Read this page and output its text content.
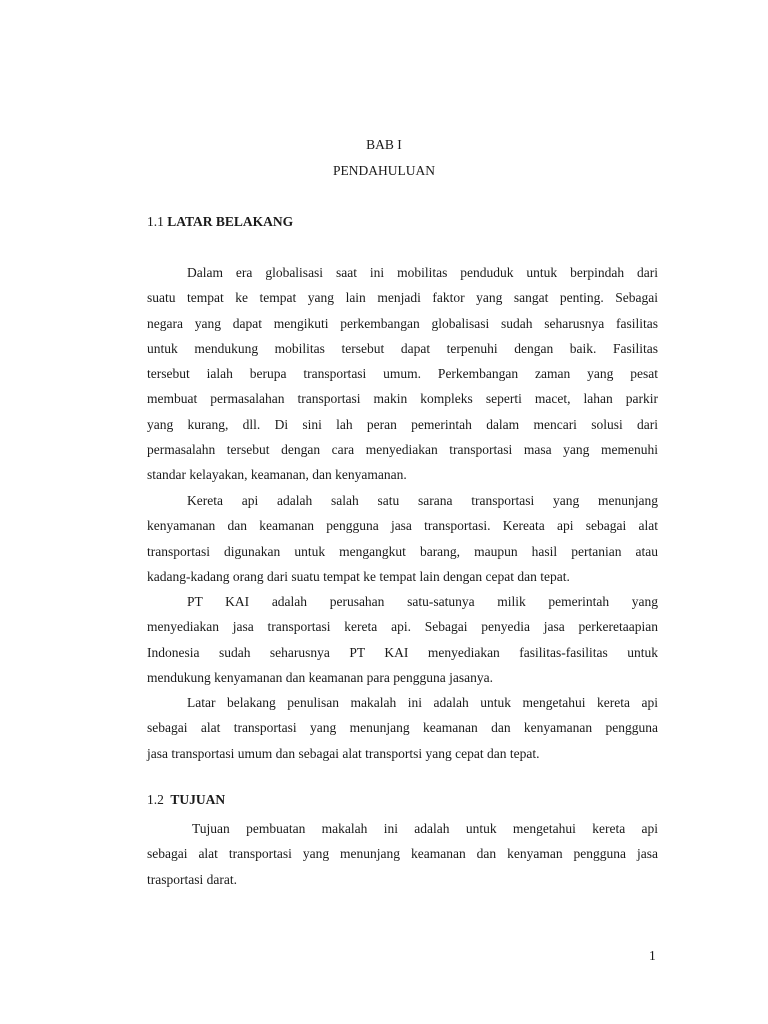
BAB I
PENDAHULUAN
1.1 LATAR BELAKANG
Dalam era globalisasi saat ini mobilitas penduduk untuk berpindah dari
suatu tempat ke tempat yang lain menjadi faktor yang sangat penting. Sebagai
negara yang dapat mengikuti perkembangan globalisasi sudah seharusnya fasilitas
untuk mendukung mobilitas tersebut dapat terpenuhi dengan baik. Fasilitas
tersebut ialah berupa transportasi umum. Perkembangan zaman yang pesat
membuat permasalahan transportasi makin kompleks seperti macet, lahan parkir
yang kurang, dll. Di sini lah peran pemerintah dalam mencari solusi dari
permasalahn tersebut dengan cara menyediakan transportasi masa yang memenuhi
standar kelayakan, keamanan, dan kenyamanan.
Kereta api adalah salah satu sarana transportasi yang menunjang
kenyamanan dan keamanan pengguna jasa transportasi. Kereata api sebagai alat
transportasi digunakan untuk mengangkut barang, maupun hasil pertanian atau
kadang-kadang orang dari suatu tempat ke tempat lain dengan cepat dan tepat.
PT KAI adalah perusahan satu-satunya milik pemerintah yang
menyediakan jasa transportasi kereta api. Sebagai penyedia jasa perkeretaapian
Indonesia sudah seharusnya PT KAI menyediakan fasilitas-fasilitas untuk
mendukung kenyamanan dan keamanan para pengguna jasanya.
Latar belakang penulisan makalah ini adalah untuk mengetahui kereta api
sebagai alat transportasi yang menunjang keamanan dan kenyamanan pengguna
jasa transportasi umum dan sebagai alat transportsi yang cepat dan tepat.
1.2 TUJUAN
Tujuan pembuatan makalah ini adalah untuk mengetahui kereta api
sebagai alat transportasi yang menunjang keamanan dan kenyaman pengguna jasa
trasportasi darat.
1
